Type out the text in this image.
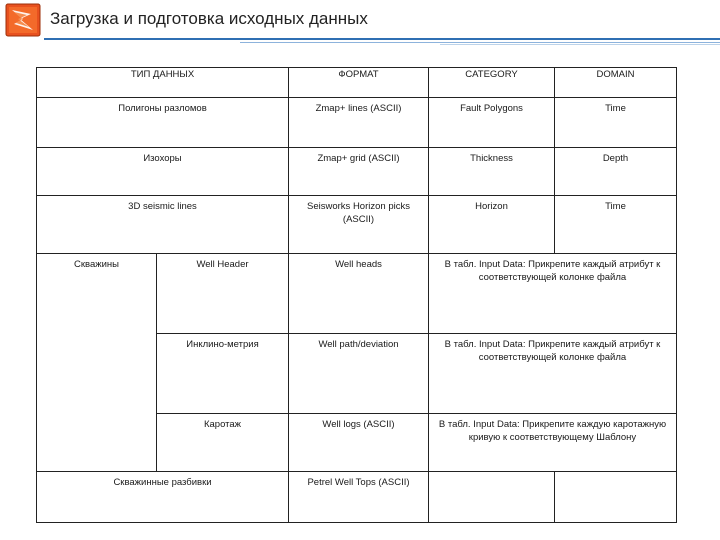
Загрузка и подготовка исходных данных
ТИП ДАННЫХ		ФОРМАТ	CATEGORY	DOMAIN
Полигоны разломов		Zmap+ lines (ASCII)	Fault Polygons	Time
Изохоры		Zmap+ grid (ASCII)	Thickness	Depth
3D seismic lines		Seisworks Horizon picks (ASCII)	Horizon	Time
Скважины	Well Header	Well heads	В табл. Input Data: Прикрепите каждый атрибут к соответствующей колонке файла	
	Инклино-метрия	Well path/deviation	В табл. Input Data: Прикрепите каждый атрибут к соответствующей колонке файла	
	Каротаж	Well logs (ASCII)	В табл. Input Data: Прикрепите каждую каротажную кривую к соответствующему Шаблону	
Скважинные разбивки		Petrel Well Tops (ASCII)		
